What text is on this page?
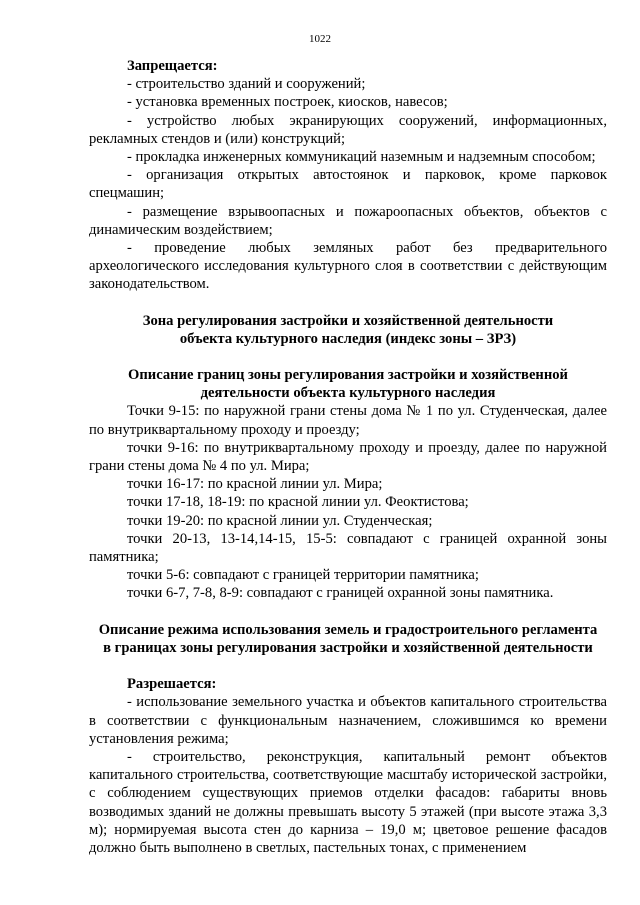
1022

Запрещается:

- строительство зданий и сооружений;

- установка временных построек, киосков, навесов;

- устройство любых экранирующих сооружений, информационных, рекламных стендов и (или) конструкций;

- прокладка инженерных коммуникаций наземным и надземным способом;

- организация открытых автостоянок и парковок, кроме парковок спецмашин;

- размещение взрывоопасных и пожароопасных объектов, объектов с динамическим воздействием;

- проведение любых земляных работ без предварительного археологического исследования культурного слоя в соответствии с действующим законодательством.

Зона регулирования застройки и хозяйственной деятельности

объекта культурного наследия (индекс зоны – ЗРЗ)

Описание границ зоны регулирования застройки и хозяйственной

деятельности объекта культурного наследия

Точки 9-15: по наружной грани стены дома № 1 по ул. Студенческая, далее по внутриквартальному проходу и проезду;

точки 9-16: по внутриквартальному проходу и проезду, далее по наружной грани стены дома № 4 по ул. Мира;

точки 16-17: по красной линии ул. Мира;

точки 17-18, 18-19: по красной линии ул. Феоктистова;

точки 19-20: по красной линии ул. Студенческая;

точки 20-13, 13-14,14-15, 15-5: совпадают с границей охранной зоны памятника;

точки 5-6: совпадают с границей территории памятника;

точки 6-7, 7-8, 8-9: совпадают с границей охранной зоны памятника.

Описание режима использования земель и градостроительного регламента

в границах зоны регулирования застройки и хозяйственной деятельности

Разрешается:

- использование земельного участка и объектов капитального строительства в соответствии с функциональным назначением, сложившимся ко времени установления режима;

- строительство, реконструкция, капитальный ремонт объектов капитального строительства, соответствующие масштабу исторической застройки, с соблюдением существующих приемов отделки фасадов: габариты вновь возводимых зданий не должны превышать высоту 5 этажей (при высоте этажа 3,3 м); нормируемая высота стен до карниза – 19,0 м; цветовое решение фасадов должно быть выполнено в светлых, пастельных тонах, с применением
